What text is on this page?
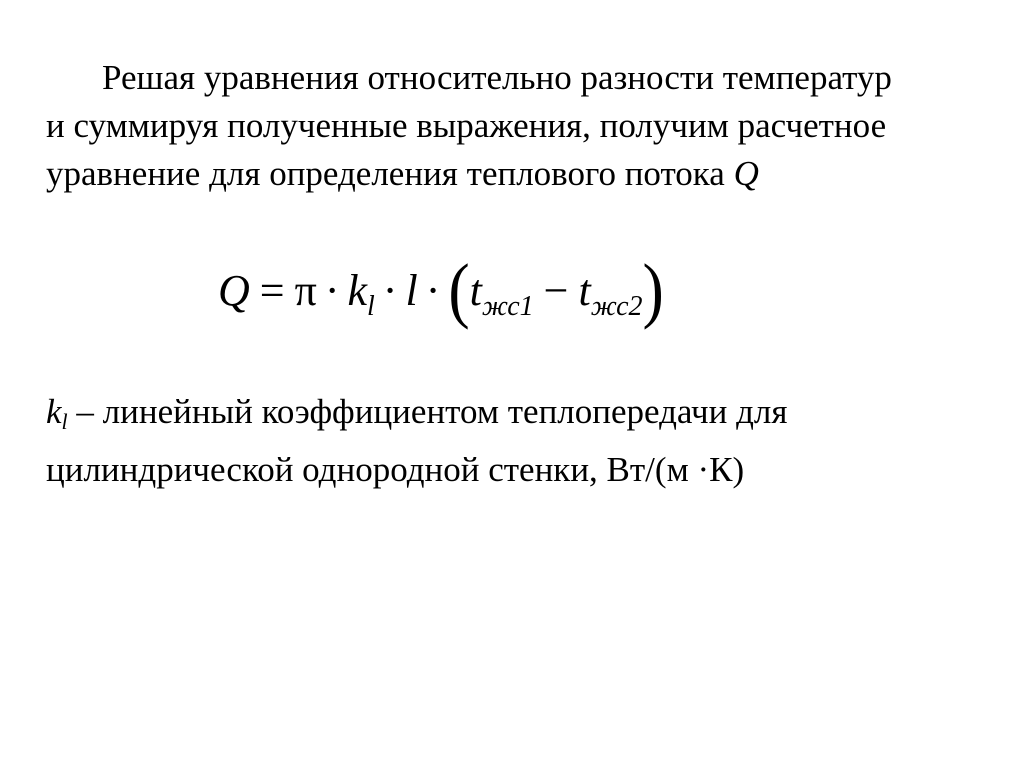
Решая уравнения относительно разности температур
и суммируя полученные выражения, получим расчетное
уравнение для определения теплового потока Q
Q = π · kl · l · (tжс1 − tжс2)
kl – линейный коэффициентом теплопередачи для
цилиндрической однородной стенки, Вт/(м ·К)
